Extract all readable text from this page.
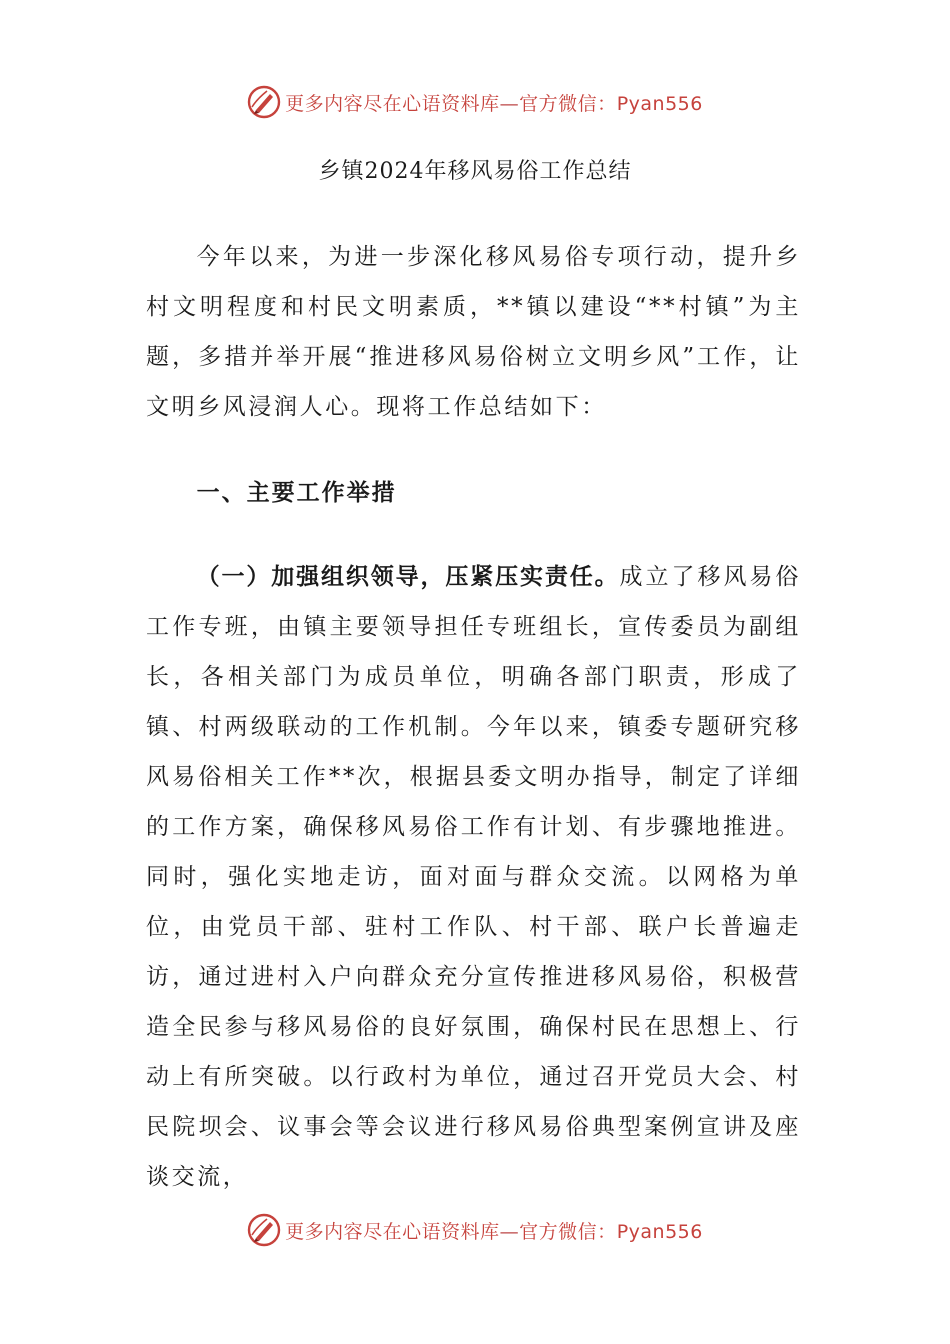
更多内容尽在心语资料库—官方微信：Pyan556
乡镇2024年移风易俗工作总结

今年以来，为进一步深化移风易俗专项行动，提升乡村文明程度和村民文明素质，**镇以建设“**村镇”为主题，多措并举开展“推进移风易俗树立文明乡风”工作，让文明乡风浸润人心。现将工作总结如下：

一、主要工作举措

（一）加强组织领导，压紧压实责任。成立了移风易俗工作专班，由镇主要领导担任专班组长，宣传委员为副组长，各相关部门为成员单位，明确各部门职责，形成了镇、村两级联动的工作机制。今年以来，镇委专题研究移风易俗相关工作**次，根据县委文明办指导，制定了详细的工作方案，确保移风易俗工作有计划、有步骤地推进。同时，强化实地走访，面对面与群众交流。以网格为单位，由党员干部、驻村工作队、村干部、联户长普遍走访，通过进村入户向群众充分宣传推进移风易俗，积极营造全民参与移风易俗的良好氛围，确保村民在思想上、行动上有所突破。以行政村为单位，通过召开党员大会、村民院坝会、议事会等会议进行移风易俗典型案例宣讲及座谈交流，

更多内容尽在心语资料库—官方微信：Pyan556
